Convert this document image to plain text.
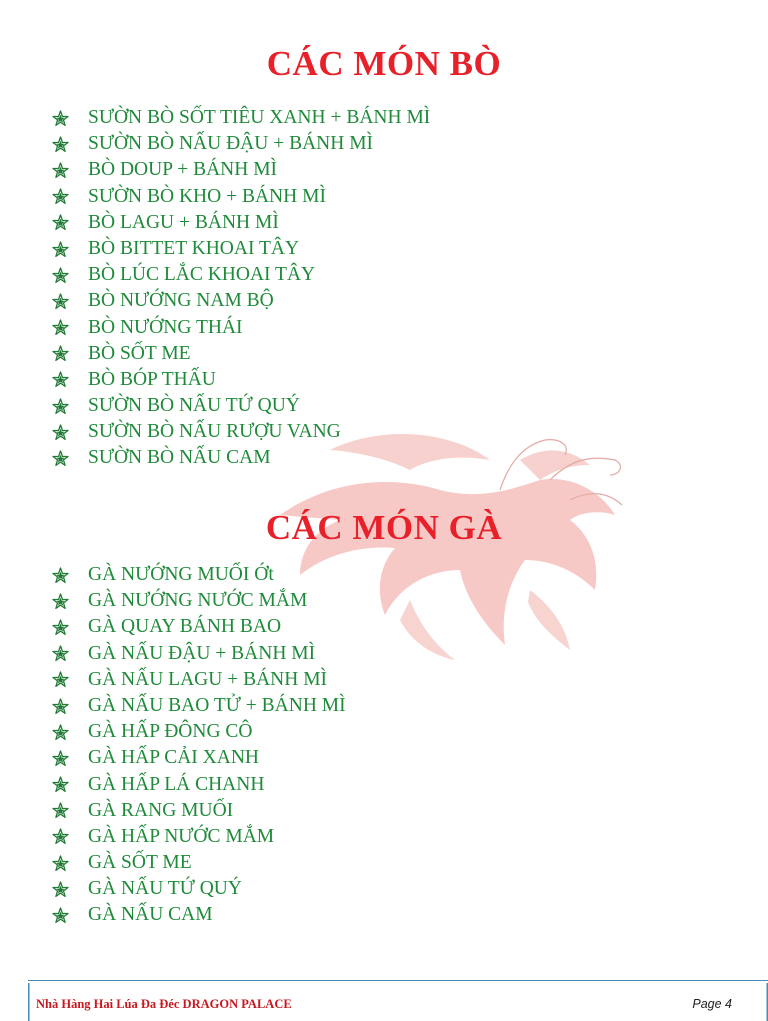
CÁC MÓN BÒ
SƯỜN BÒ SỐT TIÊU XANH + BÁNH MÌ
SƯỜN BÒ NẤU ĐẬU + BÁNH MÌ
BÒ DOUP + BÁNH MÌ
SƯỜN BÒ KHO + BÁNH MÌ
BÒ LAGU + BÁNH MÌ
BÒ BITTET KHOAI TÂY
BÒ LÚC LẮC KHOAI TÂY
BÒ NƯỚNG NAM BỘ
BÒ NƯỚNG THÁI
BÒ SỐT ME
BÒ BÓP THẤU
SƯỜN BÒ NẤU TỨ QUÝ
SƯỜN BÒ NẤU RƯỢU VANG
SƯỜN BÒ NẤU CAM
CÁC MÓN GÀ
GÀ NƯỚNG MUỐI Ớt
GÀ NƯỚNG NƯỚC MẮM
GÀ QUAY BÁNH BAO
GÀ NẤU ĐẬU + BÁNH MÌ
GÀ NẤU LAGU + BÁNH MÌ
GÀ NẤU BAO TỬ + BÁNH MÌ
GÀ HẤP ĐÔNG CÔ
GÀ HẤP CẢI XANH
GÀ HẤP LÁ CHANH
GÀ RANG MUỐI
GÀ HẤP NƯỚC MẮM
GÀ SỐT ME
GÀ NẤU TỨ QUÝ
GÀ NẤU CAM
Nhà Hàng Hai Lúa Đa Đéc DRAGON PALACE	Page 4
